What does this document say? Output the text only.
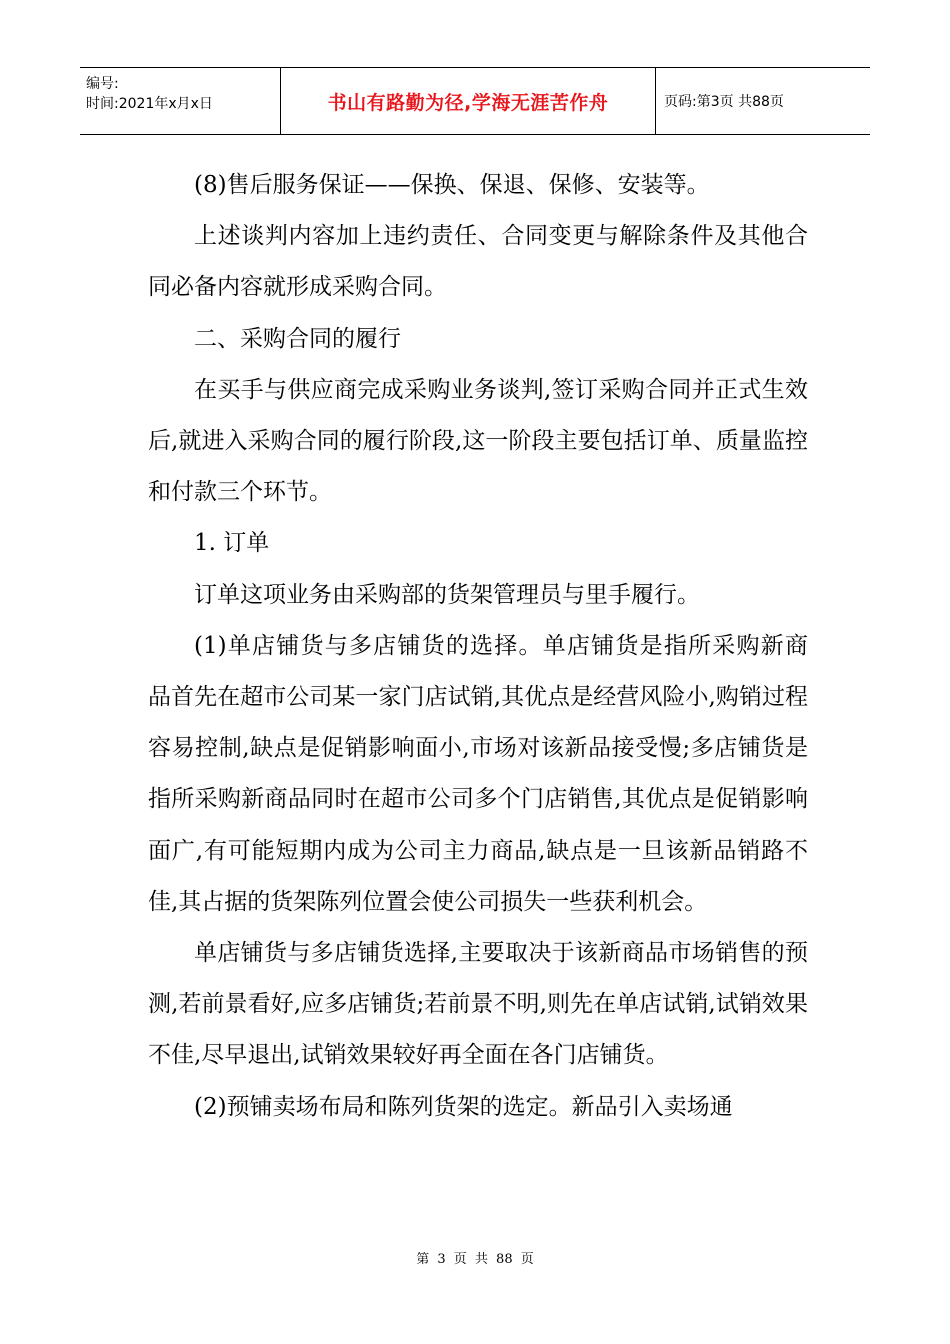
编号:
时间:2021年x月x日	书山有路勤为径,学海无涯苦作舟	页码:第3页 共88页

(8)售后服务保证——保换、保退、保修、安装等。

上述谈判内容加上违约责任、合同变更与解除条件及其他合同必备内容就形成采购合同。

二、采购合同的履行

在买手与供应商完成采购业务谈判,签订采购合同并正式生效后,就进入采购合同的履行阶段,这一阶段主要包括订单、质量监控和付款三个环节。

1. 订单

订单这项业务由采购部的货架管理员与里手履行。

(1)单店铺货与多店铺货的选择。单店铺货是指所采购新商 品首先在超市公司某一家门店试销,其优点是经营风险小,购销过程容易控制,缺点是促销影响面小,市场对该新品接受慢;多店铺货是指所采购新商品同时在超市公司多个门店销售,其优点是促销影响面广,有可能短期内成为公司主力商品,缺点是一旦该新品销路不佳,其占据的货架陈列位置会使公司损失一些获利机会。

单店铺货与多店铺货选择,主要取决于该新商品市场销售的预测,若前景看好,应多店铺货;若前景不明,则先在单店试销,试销效果不佳,尽早退出,试销效果较好再全面在各门店铺货。

(2)预铺卖场布局和陈列货架的选定。新品引入卖场通

第 3 页 共 88 页
